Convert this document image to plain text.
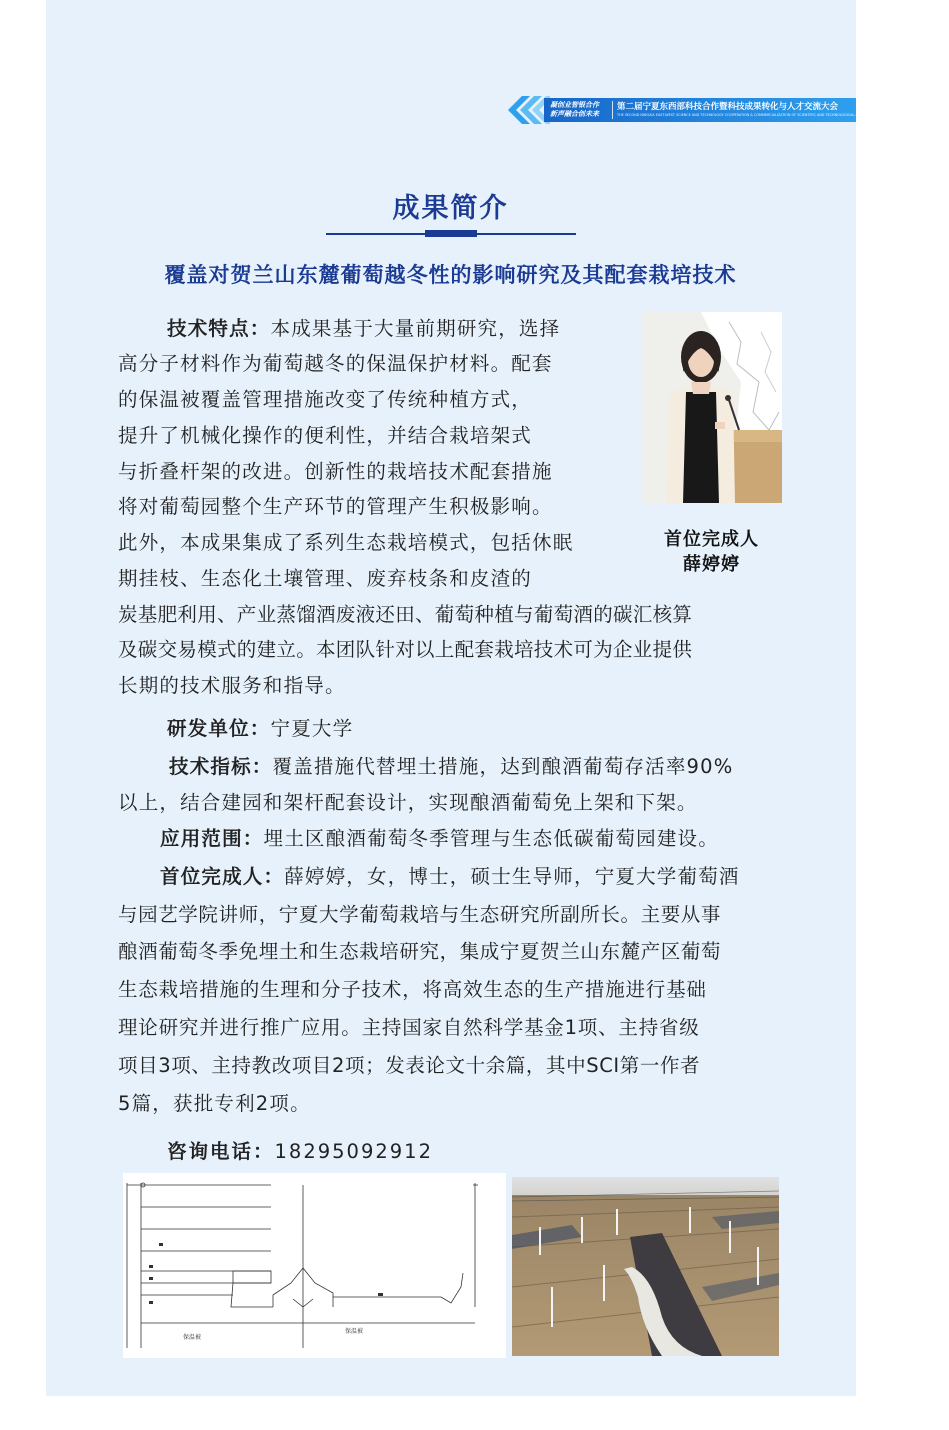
凝创业智银合作
新声融合创未来
第二届宁夏东西部科技合作暨科技成果转化与人才交流大会
THE SECOND NINGXIA EAST-WEST SCIENCE AND TECHNOLOGY COOPERATION & COMMERCIALIZATION OF SCIENTIFIC AND TECHNOLOGICAL ACHIEVEMENTS AND TALENT EXCHANGE CONFERENCE
成果简介
覆盖对贺兰山东麓葡萄越冬性的影响研究及其配套栽培技术
技术特点：本成果基于大量前期研究，选择
高分子材料作为葡萄越冬的保温保护材料。配套
的保温被覆盖管理措施改变了传统种植方式，
提升了机械化操作的便利性，并结合栽培架式
与折叠杆架的改进。创新性的栽培技术配套措施
将对葡萄园整个生产环节的管理产生积极影响。
此外，本成果集成了系列生态栽培模式，包括休眠
期挂枝、生态化土壤管理、废弃枝条和皮渣的
炭基肥利用、产业蒸馏酒废液还田、葡萄种植与葡萄酒的碳汇核算
及碳交易模式的建立。本团队针对以上配套栽培技术可为企业提供
长期的技术服务和指导。
首位完成人
薛婷婷
研发单位：宁夏大学
技术指标：覆盖措施代替埋土措施，达到酿酒葡萄存活率90%
以上，结合建园和架杆配套设计，实现酿酒葡萄免上架和下架。
应用范围：埋土区酿酒葡萄冬季管理与生态低碳葡萄园建设。
首位完成人：薛婷婷，女，博士，硕士生导师，宁夏大学葡萄酒
与园艺学院讲师，宁夏大学葡萄栽培与生态研究所副所长。主要从事
酿酒葡萄冬季免埋土和生态栽培研究，集成宁夏贺兰山东麓产区葡萄
生态栽培措施的生理和分子技术，将高效生态的生产措施进行基础
理论研究并进行推广应用。主持国家自然科学基金1项、主持省级
项目3项、主持教改项目2项；发表论文十余篇，其中SCI第一作者
5篇，获批专利2项。
咨询电话：18295092912
保温被
保温被
